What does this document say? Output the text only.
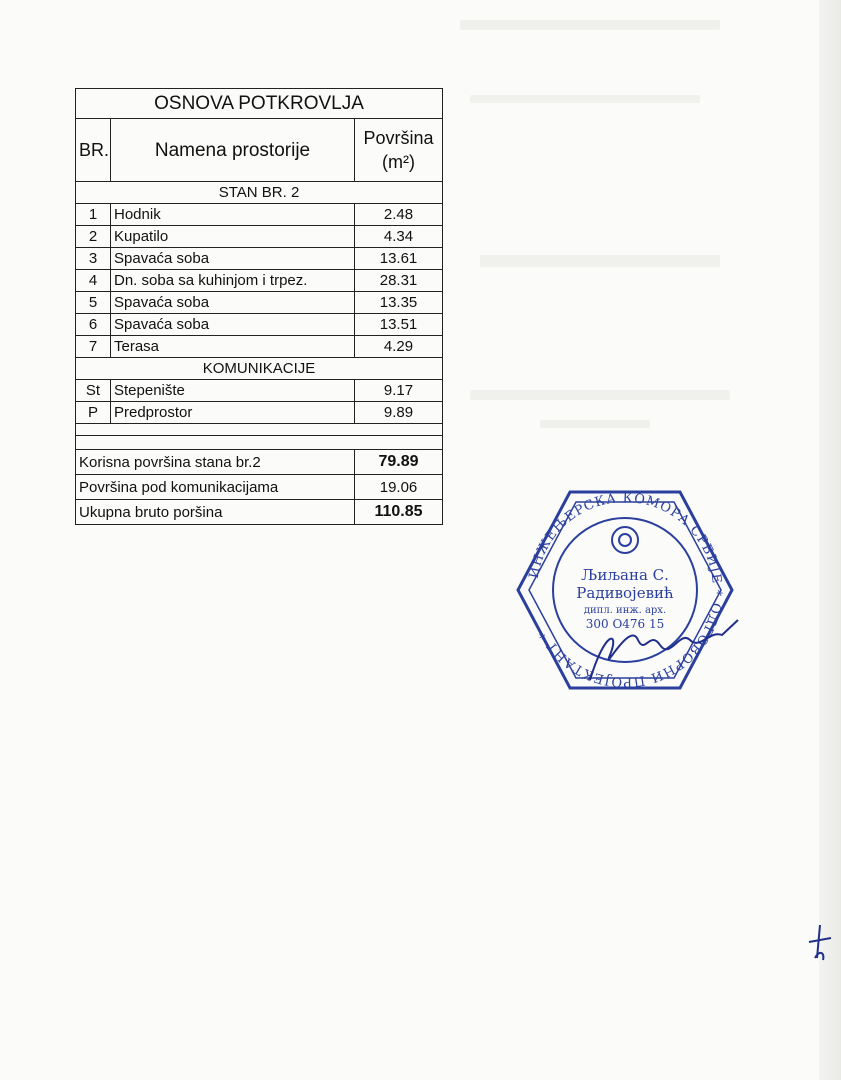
OSNOVA POTKROVLJA		
BR.	Namena prostorije	Površina
(m²)
STAN BR. 2		
1	Hodnik	2.48
2	Kupatilo	4.34
3	Spavaća soba	13.61
4	Dn. soba sa kuhinjom i trpez.	28.31
5	Spavaća soba	13.35
6	Spavaća soba	13.51
7	Terasa	4.29
KOMUNIKACIJE		
St	Stepenište	9.17
P	Predprostor	9.89

Korisna površina stana br.2		79.89
Površina pod komunikacijama		19.06
Ukupna bruto poršina		110.85
ИНЖЕЊЕРСКА КОМОРА СРБИЈЕ * ОДГОВОРНИ ПРОЈЕКТАНТ *
Љиљана С.
Радивојевић
дипл. инж. арх.
300 О476 15
